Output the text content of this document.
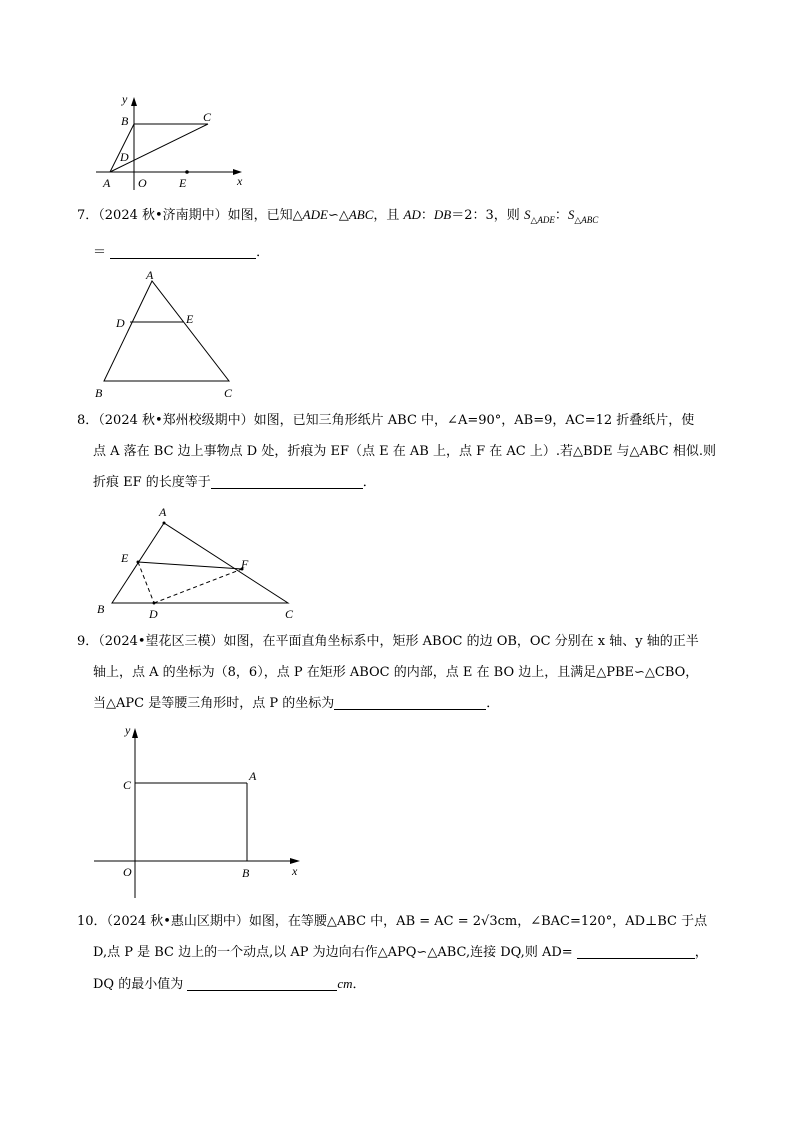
y
x
B	C
D
A O	E
7．（2024 秋•济南期中）如图，已知△ADE∽△ABC，且 AD：DB＝2：3，则 $S_{\triangle ADE}$：$S_{\triangle ABC}$
＝	．
A
D	E
B	C
8．（2024 秋•郑州校级期中）如图，已知三角形纸片 ABC 中，∠A=90°，AB=9，AC=12 折叠纸片，使
点 A 落在 BC 边上事物点 D 处，折痕为 EF（点 E 在 AB 上，点 F 在 AC 上）.若△BDE 与△ABC 相似.则
折痕 EF 的长度等于	．
A
E	F
B	D	C
9．（2024•望花区三模）如图，在平面直角坐标系中，矩形 ABOC 的边 OB，OC 分别在 x 轴、y 轴的正半
轴上，点 A 的坐标为（8，6），点 P 在矩形 ABOC 的内部，点 E 在 BO 边上，且满足△PBE∽△CBO，
当△APC 是等腰三角形时，点 P 的坐标为	．
y
C
A
O	B	x
10．（2024 秋•惠山区期中）如图，在等腰△ABC 中，AB = AC = 2√3cm，∠BAC=120°，AD⊥BC 于点
D,点 P 是 BC 边上的一个动点,以 AP 为边向右作△APQ∽△ABC,连接 DQ,则 AD=	，
DQ 的最小值为	cm．
